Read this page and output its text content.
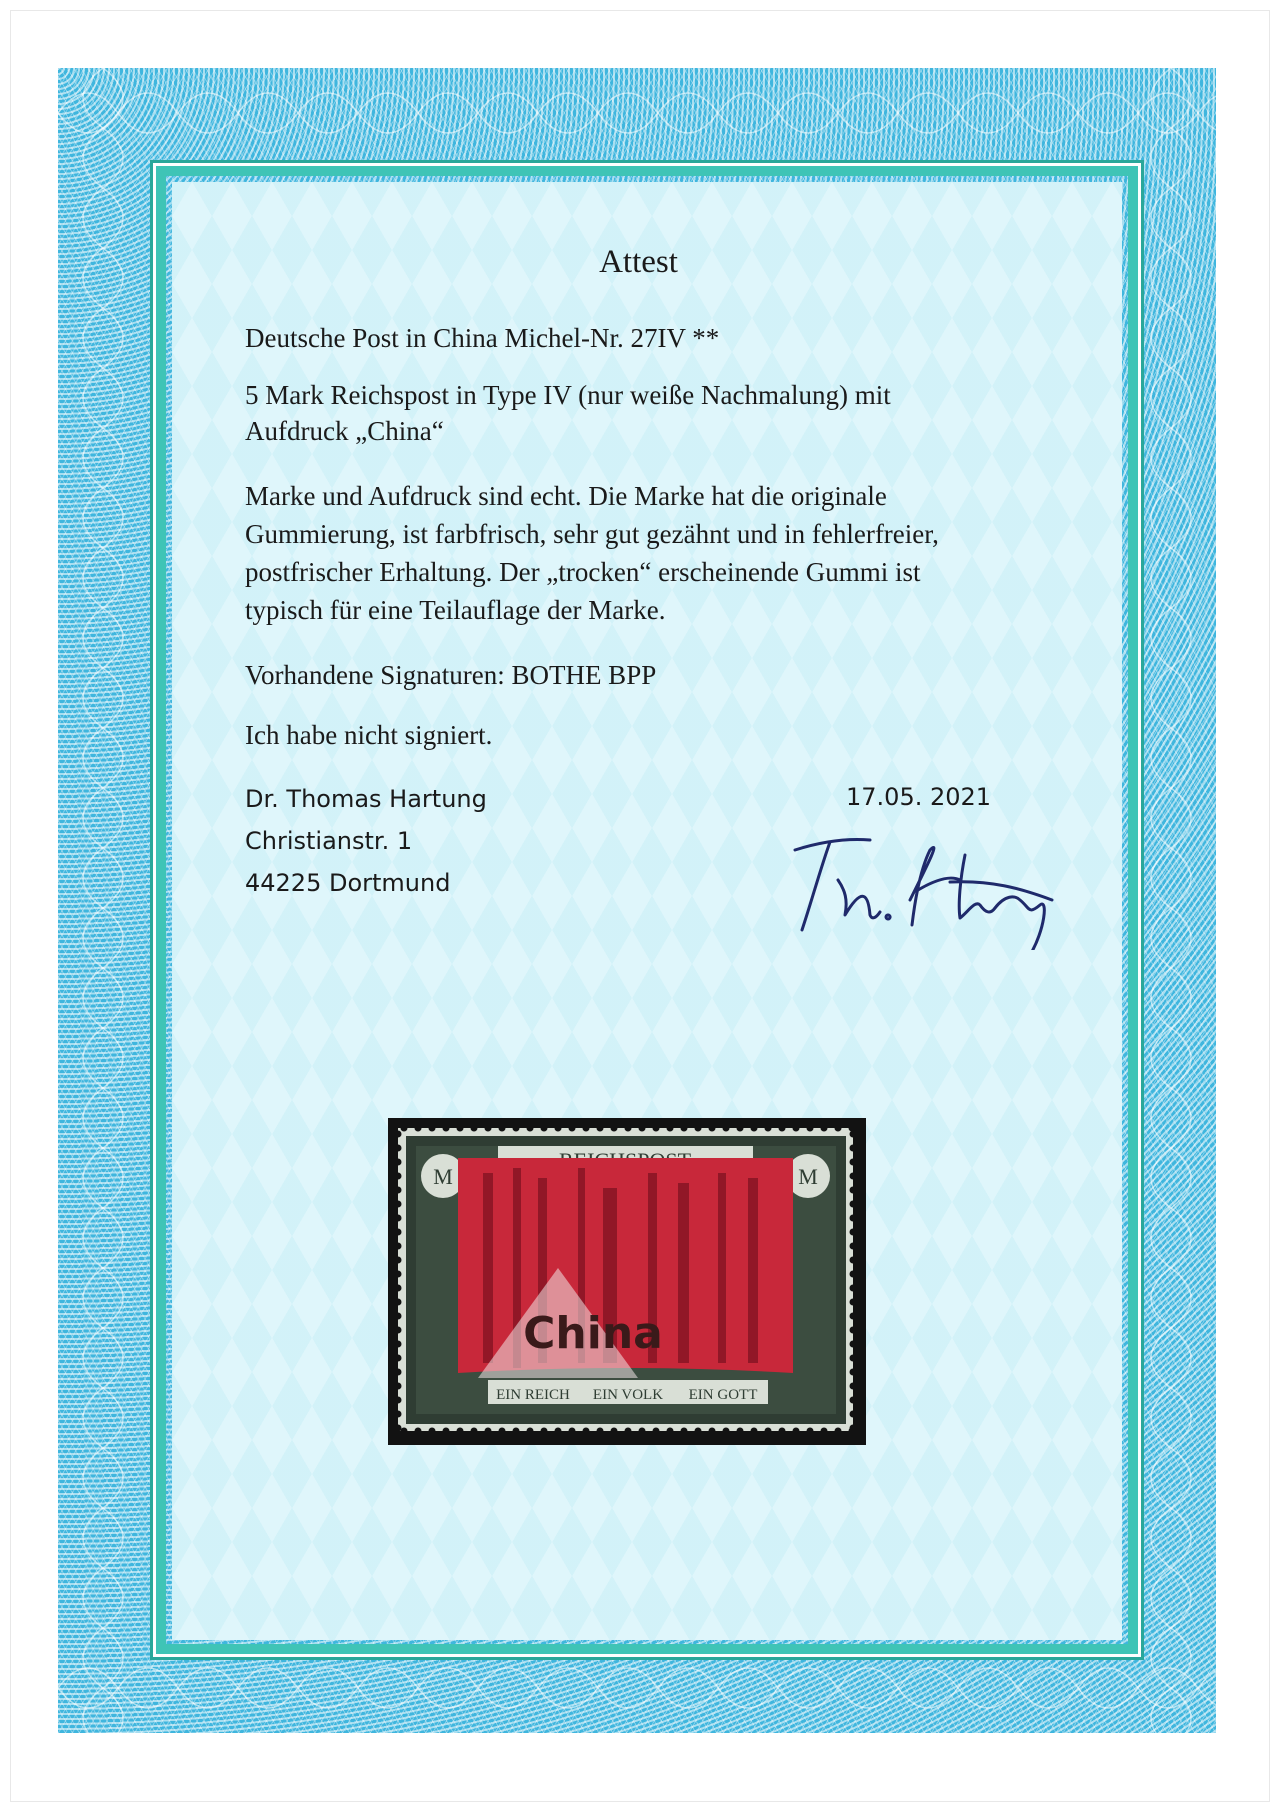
Attest
Deutsche Post in China Michel-Nr. 27IV **
5 Mark Reichspost in Type IV (nur weiße Nachmalung) mit
Aufdruck „China“
Marke und Aufdruck sind echt. Die Marke hat die originale
Gummierung, ist farbfrisch, sehr gut gezähnt und in fehlerfreier,
postfrischer Erhaltung. Der „trocken“ erscheinende Gummi ist
typisch für eine Teilauflage der Marke.
Vorhandene Signaturen: BOTHE BPP
Ich habe nicht signiert.
Dr. Thomas Hartung
Christianstr. 1
44225 Dortmund
17.05. 2021
M	M
China
EIN REICH EIN VOLK EIN GOTT
